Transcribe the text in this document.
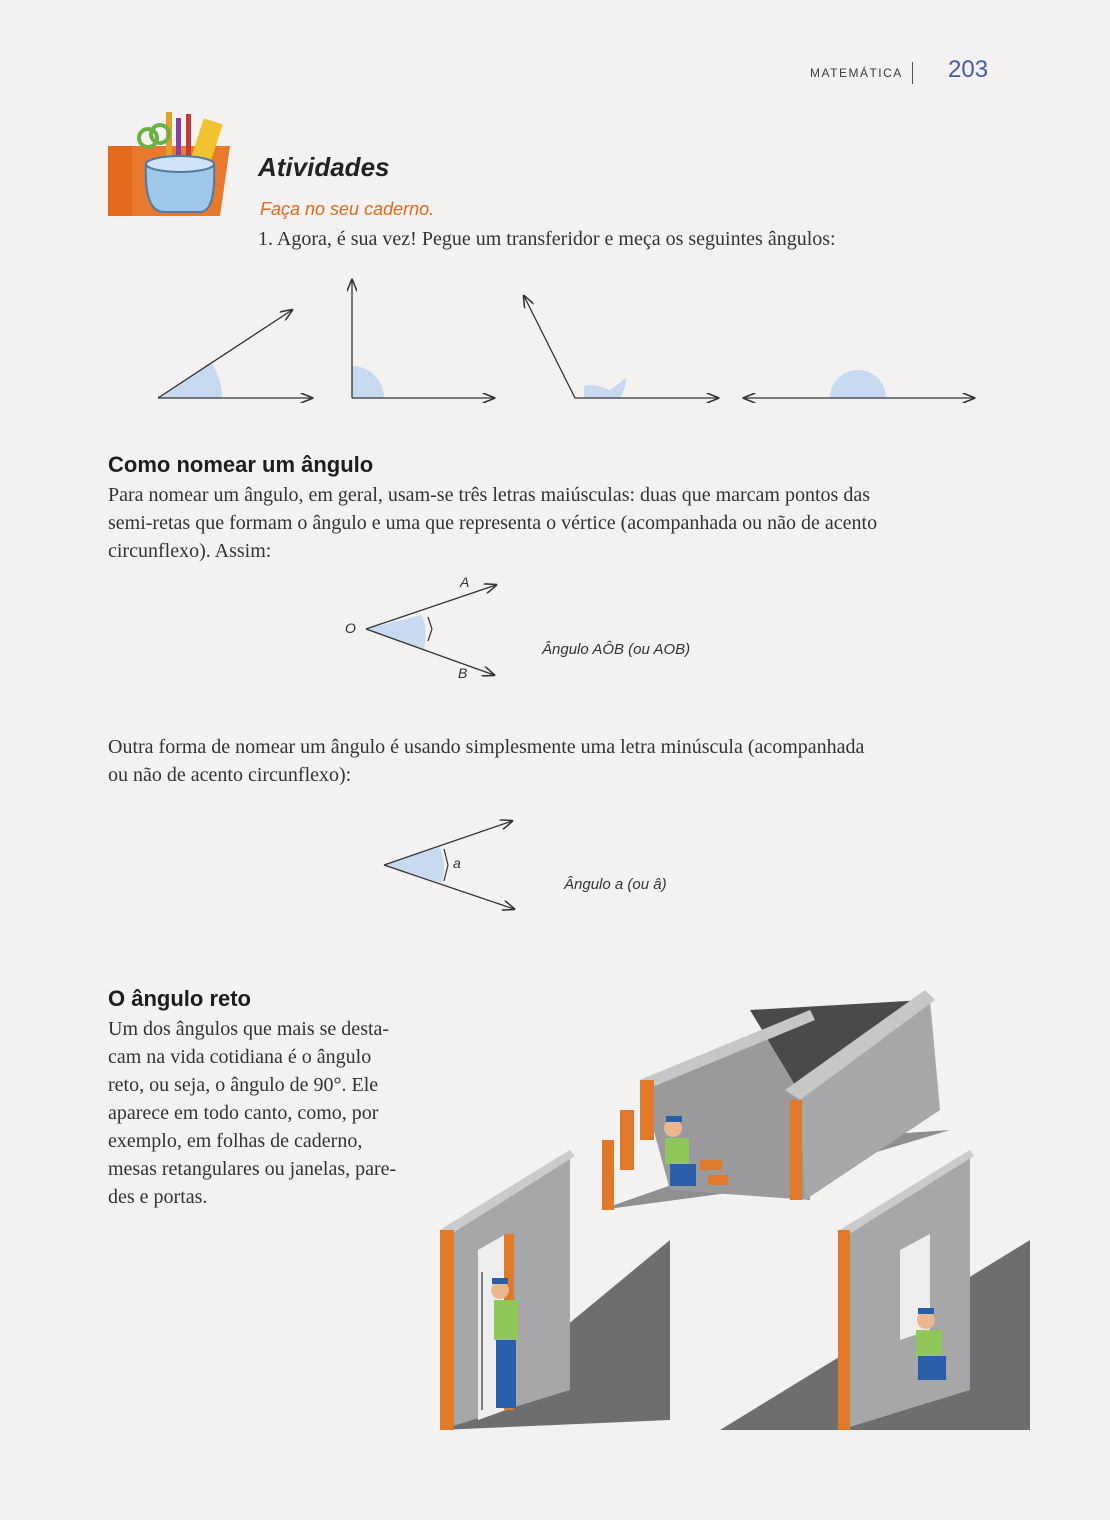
MATEMÁTICA 203
Atividades
Faça no seu caderno.
1. Agora, é sua vez! Pegue um transferidor e meça os seguintes ângulos:
Como nomear um ângulo
Para nomear um ângulo, em geral, usam-se três letras maiúsculas: duas que marcam pontos das
semi-retas que formam o ângulo e uma que representa o vértice (acompanhada ou não de acento
circunflexo). Assim:
A
O
B
Ângulo AÔB (ou AOB)
Outra forma de nomear um ângulo é usando simplesmente uma letra minúscula (acompanhada
ou não de acento circunflexo):
a
Ângulo a (ou â)
O ângulo reto
Um dos ângulos que mais se desta-
cam na vida cotidiana é o ângulo
reto, ou seja, o ângulo de 90°. Ele
aparece em todo canto, como, por
exemplo, em folhas de caderno,
mesas retangulares ou janelas, pare-
des e portas.
